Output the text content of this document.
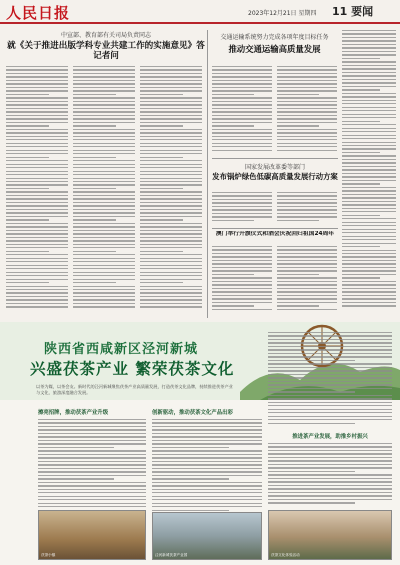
人民日报	2023年12月21日 星期四 11 要闻
中宣部、教育部有关司局负责同志
就《关于推进出版学科专业共建工作的实施意见》答记者问
交通运输系统努力完成各项年度目标任务
推动交通运输高质量发展
国家发展改革委等部门
发布锅炉绿色低碳高质量发展行动方案
澳门举行升旗仪式和酒会庆祝回归祖国24周年
陕西省西咸新区泾河新城
兴盛茯茶产业 繁荣茯茶文化
以茶为媒，以茶会友。新时代的泾河新城聚焦茯茶产业高质量发展，打造茯茶文化品牌，持续推进茯茶产业与文化、旅游深度融合发展。
擦亮招牌，推动茯茶产业升级	创新驱动，推动茯茶文化产品出彩
推进茶产业发展，助推乡村振兴
茯茶小镇	泾河新城茯茶产业园	茯茶文化体验活动
